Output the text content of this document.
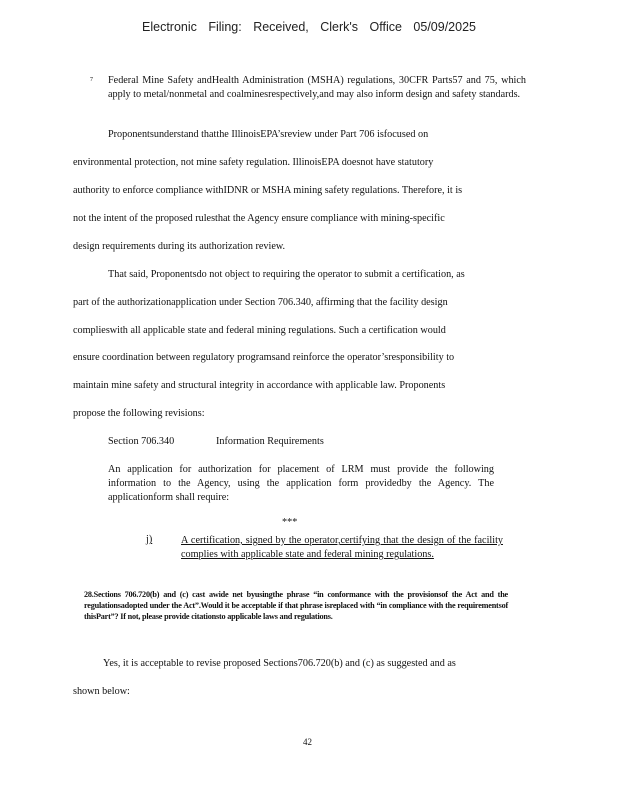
Electronic Filing: Received, Clerk's Office 05/09/2025
7 Federal Mine Safety andHealth Administration (MSHA) regulations, 30CFR Parts57 and 75, which apply to metal/nonmetal and coalminesrespectively,and may also inform design and safety standards.

Proponentsunderstand thatthe IllinoisEPA’sreview under Part 706 isfocused on
environmental protection, not mine safety regulation. IllinoisEPA doesnot have statutory
authority to enforce compliance withIDNR or MSHA mining safety regulations. Therefore, it is
not the intent of the proposed rulesthat the Agency ensure compliance with mining-specific
design requirements during its authorization review.
That said, Proponentsdo not object to requiring the operator to submit a certification, as
part of the authorizationapplication under Section 706.340, affirming that the facility design
complieswith all applicable state and federal mining regulations. Such a certification would
ensure coordination between regulatory programsand reinforce the operator’sresponsibility to
maintain mine safety and structural integrity in accordance with applicable law. Proponents
propose the following revisions:
Section 706.340	Information Requirements

An application for authorization for placement of LRM must provide the following information to the Agency, using the application form providedby the Agency. The applicationform shall require:

***
j)	A certification, signed by the operator,certifying that the design of the facility complies with applicable state and federal mining regulations.

28.Sections 706.720(b) and (c) cast awide net byusingthe phrase “in conformance with the provisionsof the Act and the regulationsadopted under the Act”.Would it be acceptable if that phrase isreplaced with “in compliance with the requirementsof thisPart”? If not, please provide citationsto applicable laws and regulations.

Yes, it is acceptable to revise proposed Sections706.720(b) and (c) as suggested and as
shown below:
42
